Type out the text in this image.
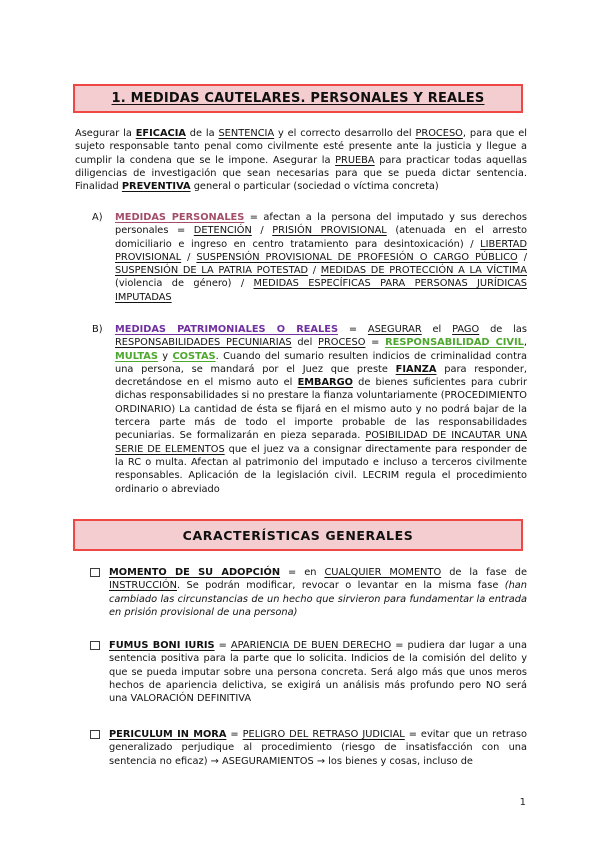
1. MEDIDAS CAUTELARES. PERSONALES Y REALES
Asegurar la EFICACIA de la SENTENCIA y el correcto desarrollo del PROCESO, para que el sujeto responsable tanto penal como civilmente esté presente ante la justicia y llegue a cumplir la condena que se le impone. Asegurar la PRUEBA para practicar todas aquellas diligencias de investigación que sean necesarias para que se pueda dictar sentencia. Finalidad PREVENTIVA general o particular (sociedad o víctima concreta)
A)	MEDIDAS PERSONALES = afectan a la persona del imputado y sus derechos personales = DETENCIÓN / PRISIÓN PROVISIONAL (atenuada en el arresto domiciliario e ingreso en centro tratamiento para desintoxicación) / LIBERTAD PROVISIONAL / SUSPENSIÓN PROVISIONAL DE PROFESIÓN O CARGO PÚBLICO / SUSPENSIÓN DE LA PATRIA POTESTAD / MEDIDAS DE PROTECCIÓN A LA VÍCTIMA (violencia de género) / MEDIDAS ESPECÍFICAS PARA PERSONAS JURÍDICAS IMPUTADAS
B)	MEDIDAS PATRIMONIALES O REALES = ASEGURAR el PAGO de las RESPONSABILIDADES PECUNIARIAS del PROCESO = RESPONSABILIDAD CIVIL, MULTAS y COSTAS. Cuando del sumario resulten indicios de criminalidad contra una persona, se mandará por el Juez que preste FIANZA para responder, decretándose en el mismo auto el EMBARGO de bienes suficientes para cubrir dichas responsabilidades si no prestare la fianza voluntariamente (PROCEDIMIENTO ORDINARIO) La cantidad de ésta se fijará en el mismo auto y no podrá bajar de la tercera parte más de todo el importe probable de las responsabilidades pecuniarias. Se formalizarán en pieza separada. POSIBILIDAD DE INCAUTAR UNA SERIE DE ELEMENTOS que el juez va a consignar directamente para responder de la RC o multa. Afectan al patrimonio del imputado e incluso a terceros civilmente responsables. Aplicación de la legislación civil. LECRIM regula el procedimiento ordinario o abreviado
CARACTERÍSTICAS GENERALES
MOMENTO DE SU ADOPCIÓN = en CUALQUIER MOMENTO de la fase de INSTRUCCIÓN. Se podrán modificar, revocar o levantar en la misma fase (han cambiado las circunstancias de un hecho que sirvieron para fundamentar la entrada en prisión provisional de una persona)
FUMUS BONI IURIS = APARIENCIA DE BUEN DERECHO = pudiera dar lugar a una sentencia positiva para la parte que lo solicita. Indicios de la comisión del delito y que se pueda imputar sobre una persona concreta. Será algo más que unos meros hechos de apariencia delictiva, se exigirá un análisis más profundo pero NO será una VALORACIÓN DEFINITIVA
PERICULUM IN MORA = PELIGRO DEL RETRASO JUDICIAL = evitar que un retraso generalizado perjudique al procedimiento (riesgo de insatisfacción con una sentencia no eficaz) → ASEGURAMIENTOS → los bienes y cosas, incluso de
1
